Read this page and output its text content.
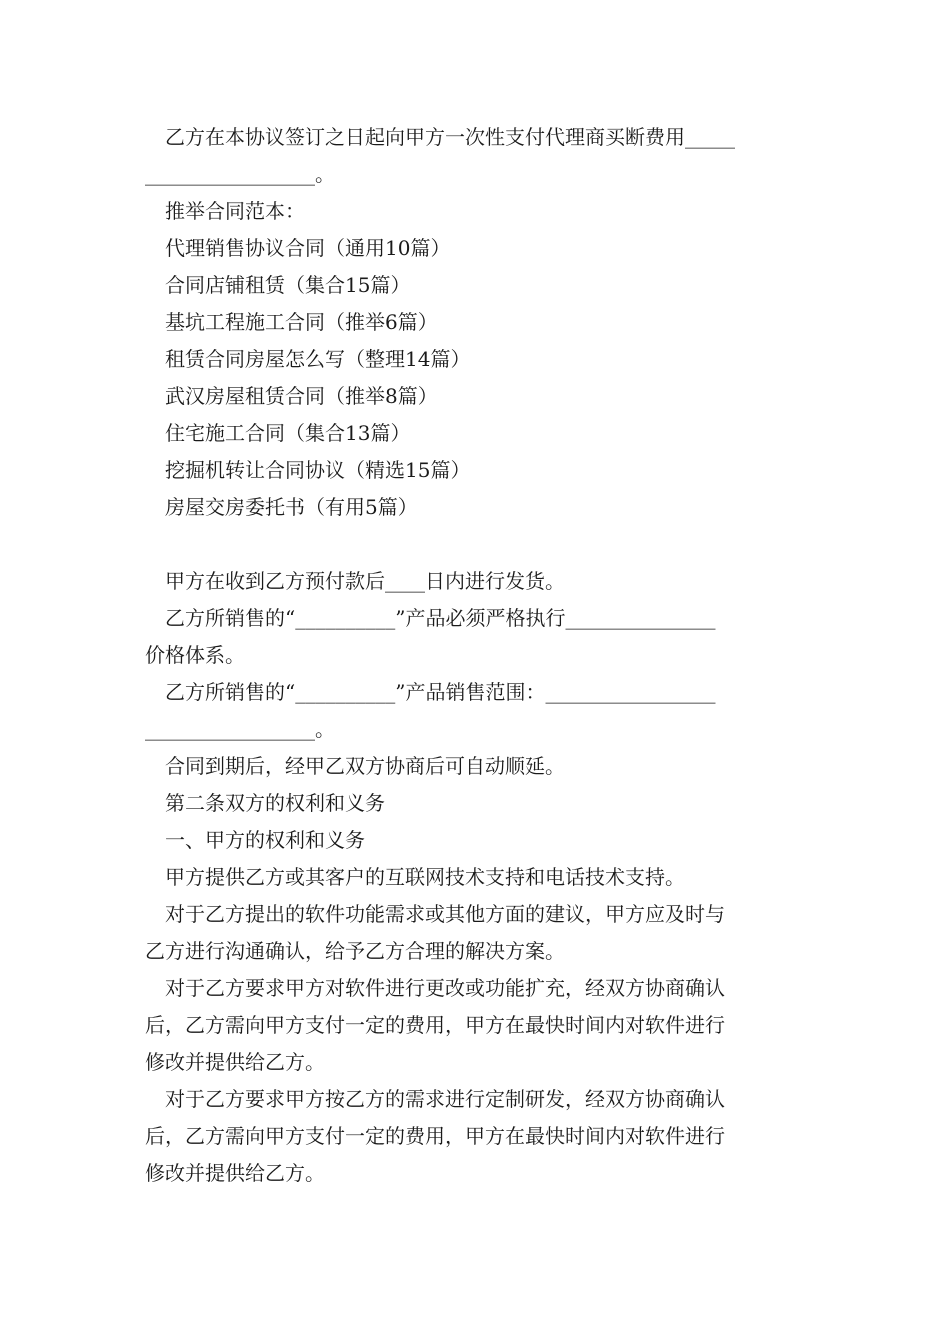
乙方在本协议签订之日起向甲方一次性支付代理商买断费用_____
_________________。
推举合同范本：
代理销售协议合同（通用10篇）
合同店铺租赁（集合15篇）
基坑工程施工合同（推举6篇）
租赁合同房屋怎么写（整理14篇）
武汉房屋租赁合同（推举8篇）
住宅施工合同（集合13篇）
挖掘机转让合同协议（精选15篇）
房屋交房委托书（有用5篇）
甲方在收到乙方预付款后____日内进行发货。
乙方所销售的“__________”产品必须严格执行_______________
价格体系。
乙方所销售的“__________”产品销售范围：_________________
_________________。
合同到期后，经甲乙双方协商后可自动顺延。
第二条双方的权利和义务
一、甲方的权利和义务
甲方提供乙方或其客户的互联网技术支持和电话技术支持。
对于乙方提出的软件功能需求或其他方面的建议，甲方应及时与
乙方进行沟通确认，给予乙方合理的解决方案。
对于乙方要求甲方对软件进行更改或功能扩充，经双方协商确认
后，乙方需向甲方支付一定的费用，甲方在最快时间内对软件进行
修改并提供给乙方。
对于乙方要求甲方按乙方的需求进行定制研发，经双方协商确认
后，乙方需向甲方支付一定的费用，甲方在最快时间内对软件进行
修改并提供给乙方。
